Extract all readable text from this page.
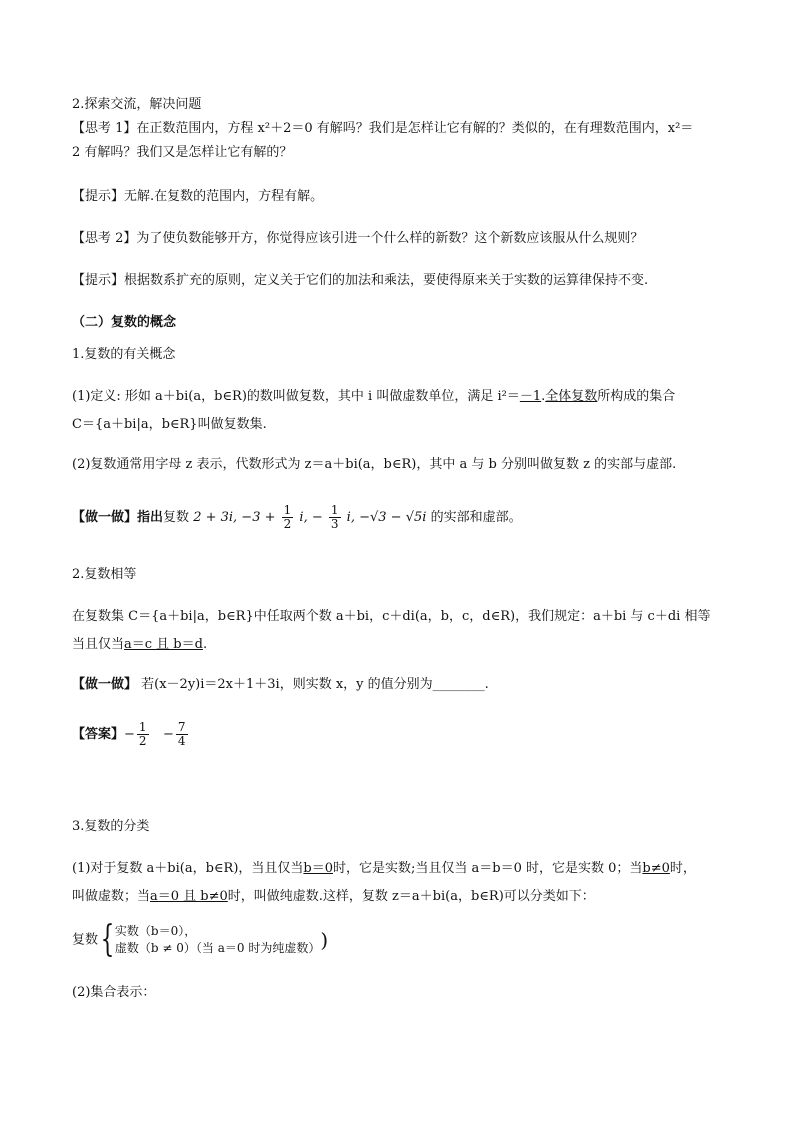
2.探索交流，解决问题
【思考 1】在正数范围内，方程 x²＋2＝0 有解吗？我们是怎样让它有解的？类似的，在有理数范围内，x²＝
2 有解吗？我们又是怎样让它有解的？
【提示】无解.在复数的范围内，方程有解。
【思考 2】为了使负数能够开方，你觉得应该引进一个什么样的新数？这个新数应该服从什么规则？
【提示】根据数系扩充的原则，定义关于它们的加法和乘法，要使得原来关于实数的运算律保持不变.
（二）复数的概念
1.复数的有关概念
(1)定义: 形如 a＋bi(a，b∈R)的数叫做复数，其中 i 叫做虚数单位，满足 i²＝－1.全体复数所构成的集合
C＝{a＋bi|a，b∈R}叫做复数集.
(2)复数通常用字母 z 表示，代数形式为 z＝a＋bi(a，b∈R)，其中 a 与 b 分别叫做复数 z 的实部与虚部.
【做一做】指出复数 2 + 3i, $-3 + \frac{1}{2} i$, − $\frac{1}{3} i$, −√3 − √5i 的实部和虚部。
2.复数相等
在复数集 C＝{a＋bi|a，b∈R}中任取两个数 a＋bi，c＋di(a，b，c，d∈R)，我们规定：a＋bi 与 c＋di 相等
当且仅当a＝c 且 b＝d.
【做一做】 若(x－2y)i＝2x＋1＋3i，则实数 x，y 的值分别为________.
【答案】− $\frac{1}{2} - \frac{7}{4}$
3.复数的分类
(1)对于复数 a＋bi(a，b∈R)，当且仅当b＝0时，它是实数;当且仅当 a＝b＝0 时，它是实数 0；当b≠0时，
叫做虚数；当a＝0 且 b≠0时，叫做纯虚数.这样，复数 z＝a＋bi(a，b∈R)可以分类如下：
复数{ 实数（b＝0），
虚数（b ≠ 0）（当 a＝0 时为纯虚数） )
(2)集合表示：
